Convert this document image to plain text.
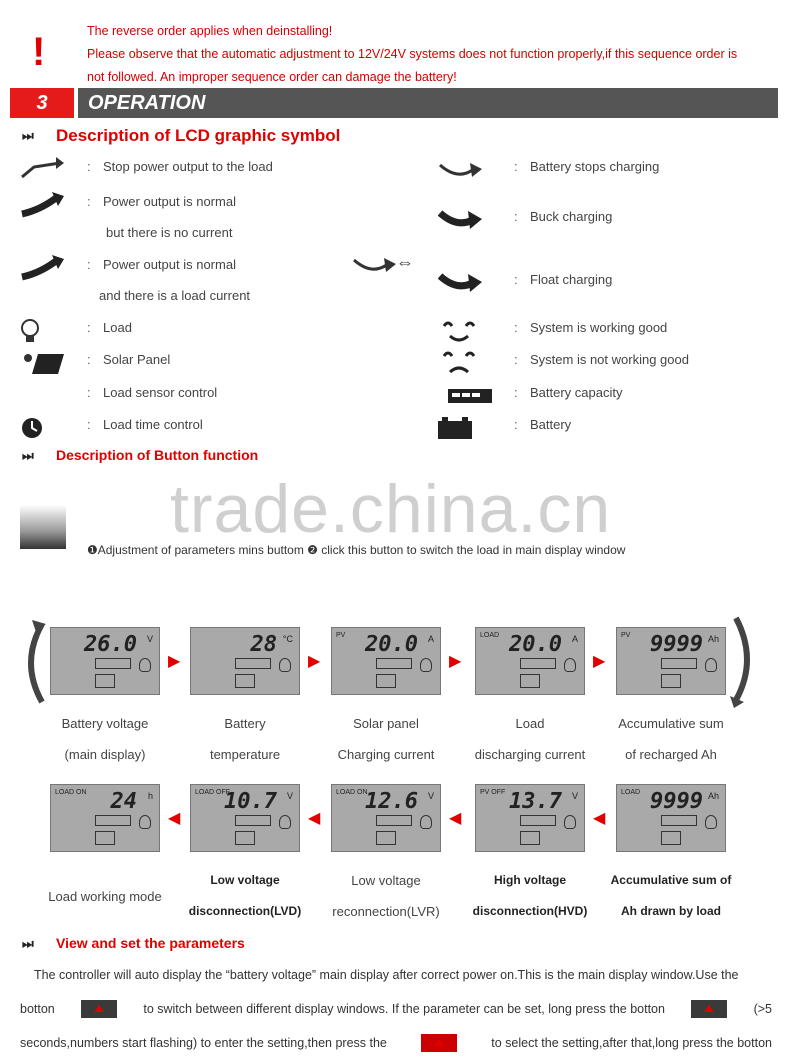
!	The reverse order applies when deinstalling!
Please observe that the automatic adjustment to 12V/24V systems does not function properly,if this sequence order is
not followed. An improper sequence order can damage the battery!
3	OPERATION
⏭ Description of LCD graphic symbol
: Stop power output to the load
: Power output is normal
but there is no current
: Power output is normal
and there is a load current
: Load
: Solar Panel
: Load sensor control
: Load time control
: Battery stops charging
: Buck charging
: Float charging
: System is working good
: System is not working good
: Battery capacity
: Battery
⇔
⏭ Description of Button function
trade.china.cn
❶Adjustment of parameters mins buttom ❷ click this button to switch the load in main display window
26.0 V
Battery voltage
(main display)
▶
28 °C
Battery
temperature
▶
PV 20.0 A
Solar panel
Charging current
▶
LOAD 20.0 A
Load
discharging current
▶
PV 9999 Ah
Accumulative sum
of recharged Ah
LOAD ON 24 h
Load working mode
◀
LOAD OFF
10.7 V
Low voltage
disconnection(LVD)
◀
LOAD ON
12.6 V
Low voltage
reconnection(LVR)
◀
PV OFF 13.7 V
High voltage
disconnection(HVD)
◀
LOAD 9999 Ah
Accumulative sum of
Ah drawn by load
⏭ View and set the parameters
The controller will auto display the “battery voltage” main display after correct power on.This is the main display window.Use the
botton	to switch between different display windows. If the parameter can be set, long press the botton	(>5
seconds,numbers start flashing) to enter the setting,then press the	to select the setting,after that,long press the botton
